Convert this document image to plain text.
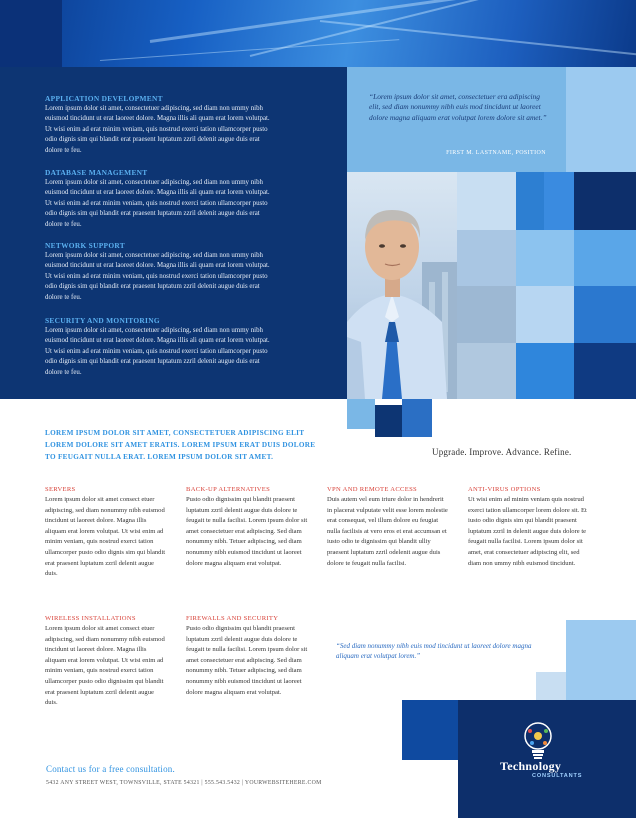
APPLICATION DEVELOPMENT
Lorem ipsum dolor sit amet, consectetuer adipiscing, sed diam non ummy nibh euismod tincidunt ut erat laoreet dolore. Magna illis ali quam erat lorem volutpat. Ut wisi enim ad erat minim veniam, quis nostrud exerci tation ullamcorper pusto odio dignis sim qui blandit erat praesent luptatum zzril delenit augue duis erat dolore te feu.
DATABASE MANAGEMENT
Lorem ipsum dolor sit amet, consectetuer adipiscing, sed diam non ummy nibh euismod tincidunt ut erat laoreet dolore. Magna illis ali quam erat lorem volutpat. Ut wisi enim ad erat minim veniam, quis nostrud exerci tation ullamcorper pusto odio dignis sim qui blandit erat praesent luptatum zzril delenit augue duis erat dolore te feu.
NETWORK SUPPORT
Lorem ipsum dolor sit amet, consectetuer adipiscing, sed diam non ummy nibh euismod tincidunt ut erat laoreet dolore. Magna illis ali quam erat lorem volutpat. Ut wisi enim ad erat minim veniam, quis nostrud exerci tation ullamcorper pusto odio dignis sim qui blandit erat praesent luptatum zzril delenit augue duis erat dolore te feu.
SECURITY AND MONITORING
Lorem ipsum dolor sit amet, consectetuer adipiscing, sed diam non ummy nibh euismod tincidunt ut erat laoreet dolore. Magna illis ali quam erat lorem volutpat. Ut wisi enim ad erat minim veniam, quis nostrud exerci tation ullamcorper pusto odio dignis sim qui blandit erat praesent luptatum zzril delenit augue duis erat dolore te feu.
“Lorem ipsum dolor sit amet, consectetuer era adipiscing elit, sed diam nonummy nibh euis mod tincidunt ut laoreet dolore magna aliquam erat volutpat lorem dolore sit amet.”
FIRST M. LASTNAME, POSITION
LOREM IPSUM DOLOR SIT AMET, CONSECTETUER ADIPISCING ELIT
LOREM DOLORE SIT AMET ERATIS. LOREM IPSUM ERAT DUIS DOLORE
TO FEUGAIT NULLA ERAT. LOREM IPSUM DOLOR SIT AMET.	Upgrade. Improve. Advance. Refine.
SERVERS
Lorem ipsum dolor sit amet consect etuer adipiscing, sed diam nonummy nibh euismod tincidunt ut laoreet dolore. Magna illis aliquam erat lorem volutpat. Ut wisi enim ad minim veniam, quis nostrud exerci tation ullamcorper pusto odio dignis sim qui blandit erat praesent luptatum zzril delenit augue duis.
BACK-UP ALTERNATIVES
Pusto odio dignissim qui blandit praesent luptatum zzril delenit augue duis dolore te feugait te nulla facilisi. Lorem ipsum dolor sit amet consectetuer erat adipiscing. Sed diam nonummy nibh. Tetuer adipiscing, sed diam nonummy nibh euismod tincidunt ut laoreet dolore magna aliquam erat volutpat.
VPN AND REMOTE ACCESS
Duis autem vel eum iriure dolor in hendrerit in placerat vulputate velit esse lorem molestie erat consequat, vel illum dolore eu feugiat nulla facilisis at vero eros et erat accumsan et iusto odio te dignissim qui blandit ulliy praesent luptatum zzril odelenit augue duis dolore te feugait nulla facilisi.
ANTI-VIRUS OPTIONS
Ut wisi enim ad minim veniam quis nostrud exerci tation ullamcorper lorem dolore sit. Et iusto odio dignis sim qui blandit praesent luptatum zzril in delenit augue duis dolore te feugait nulla facilisi. Lorem ipsum dolor sit amet, erat consectetuer adipiscing elit, sed diam non ummy nibh euismod tincidunt.
WIRELESS INSTALLATIONS
Lorem ipsum dolor sit amet consect etuer adipiscing, sed diam nonummy nibh euismod tincidunt ut laoreet dolore. Magna illis aliquam erat lorem volutpat. Ut wisi enim ad minim veniam, quis nostrud exerci tation ullamcorper pusto odio dignissim qui blandit erat praesent luptatum zzril delenit augue duis.
FIREWALLS AND SECURITY
Pusto odio dignissim qui blandit praesent luptatum zzril delenit augue duis dolore te feugait te nulla facilisi. Lorem ipsum dolor sit amet consectetuer erat adipiscing. Sed diam nonummy nibh. Tetuer adipiscing, sed diam nonummy nibh euismod tincidunt ut laoreet dolore magna aliquam erat volutpat.
“Sed diam nonummy nibh euis mod tincidunt ut laoreet dolore magna aliquam erat volutpat lorem.”
Contact us for a free consultation.
5432 ANY STREET WEST, TOWNSVILLE, STATE 54321 | 555.543.5432 | YOURWEBSITEHERE.COM
Technology
CONSULTANTS
